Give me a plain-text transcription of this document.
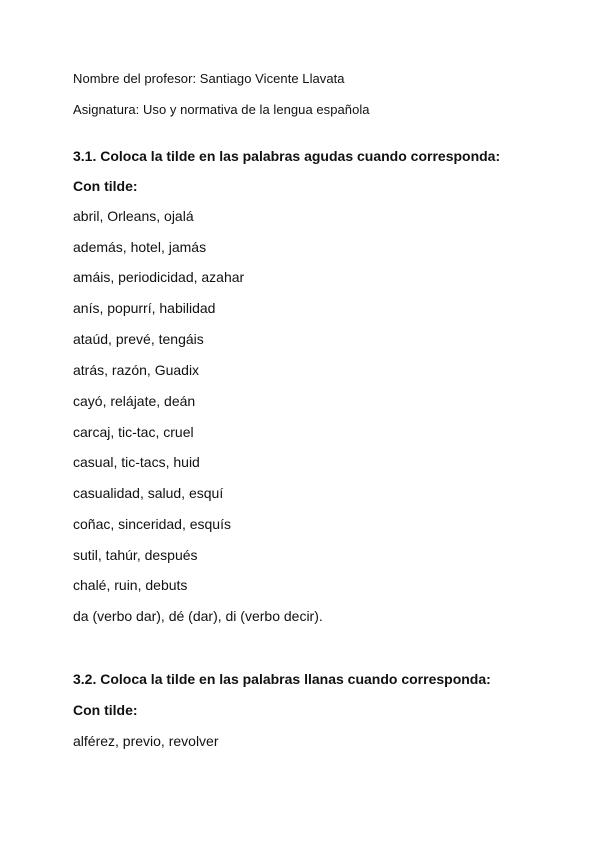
Nombre del profesor: Santiago Vicente Llavata
Asignatura: Uso y normativa de la lengua española
3.1. Coloca la tilde en las palabras agudas cuando corresponda:
Con tilde:
abril, Orleans, ojalá
además, hotel, jamás
amáis, periodicidad, azahar
anís, popurrí, habilidad
ataúd, prevé, tengáis
atrás, razón, Guadix
cayó, relájate, deán
carcaj, tic-tac, cruel
casual, tic-tacs, huid
casualidad, salud, esquí
coñac, sinceridad, esquís
sutil, tahúr, después
chalé, ruin, debuts
da (verbo dar), dé (dar), di (verbo decir).
3.2. Coloca la tilde en las palabras llanas cuando corresponda:
Con tilde:
alférez, previo, revolver
